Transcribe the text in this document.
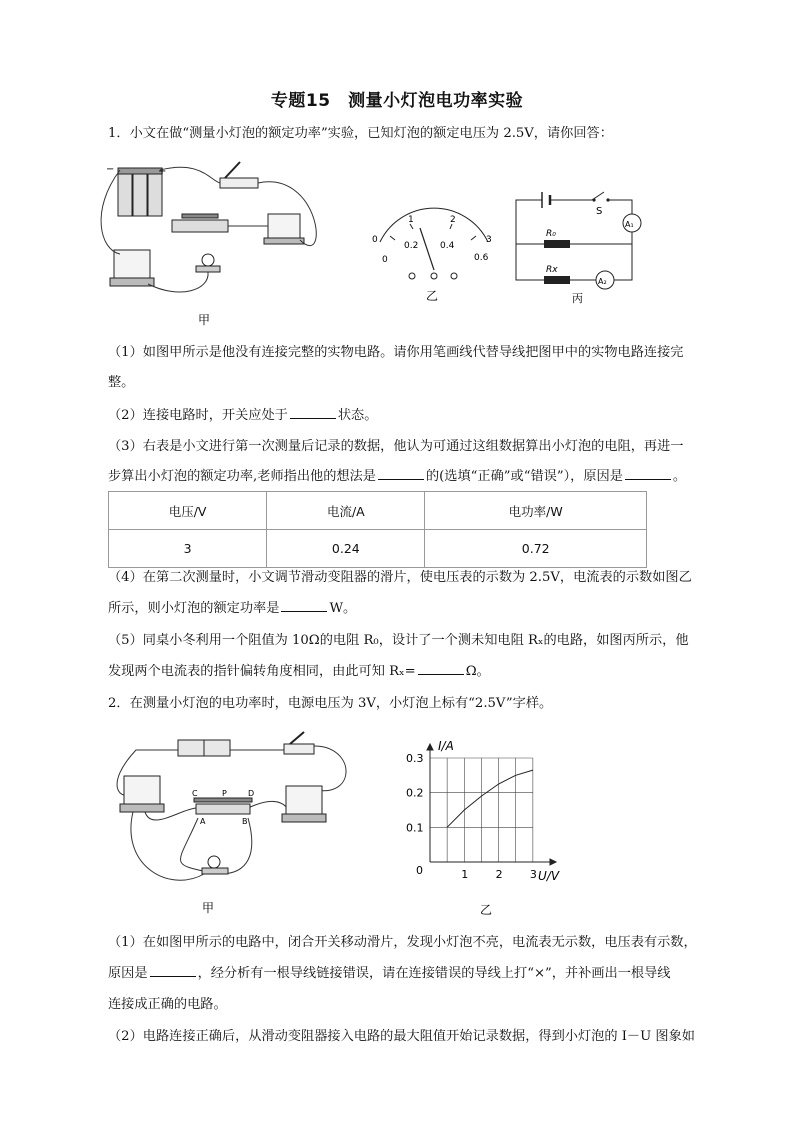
专题15　测量小灯泡电功率实验
1．小文在做“测量小灯泡的额定功率”实验，已知灯泡的额定电压为 2.5V，请你回答：
−	+
甲
0
1	2
3
0
0.2 0.4
0.6
乙
S
A₁
R₀
Rx
A₂
丙
（1）如图甲所示是他没有连接完整的实物电路。请你用笔画线代替导线把图甲中的实物电路连接完
整。
（2）连接电路时，开关应处于	状态。
（3）右表是小文进行第一次测量后记录的数据，他认为可通过这组数据算出小灯泡的电阻，再进一
步算出小灯泡的额定功率,老师指出他的想法是	的(选填“正确”或“错误”），原因是	。
电压/V	电流/A	电功率/W
3	0.24	0.72
（4）在第二次测量时，小文调节滑动变阻器的滑片，使电压表的示数为 2.5V，电流表的示数如图乙
所示，则小灯泡的额定功率是	W。
（5）同桌小冬利用一个阻值为 10Ω的电阻 R₀，设计了一个测未知电阻 Rₓ的电路，如图丙所示，他
发现两个电流表的指针偏转角度相同，由此可知 Rₓ=	Ω。
2．在测量小灯泡的电功率时，电源电压为 3V，小灯泡上标有“2.5V”字样。
C	P	D
A	B
甲
1 2 3
0.1
0.2
0.3
I/A
U/V
0
乙
（1）在如图甲所示的电路中，闭合开关移动滑片，发现小灯泡不亮，电流表无示数，电压表有示数，
原因是	，经分析有一根导线链接错误，请在连接错误的导线上打“×”，并补画出一根导线
连接成正确的电路。
（2）电路连接正确后，从滑动变阻器接入电路的最大阻值开始记录数据，得到小灯泡的 I－U 图象如
